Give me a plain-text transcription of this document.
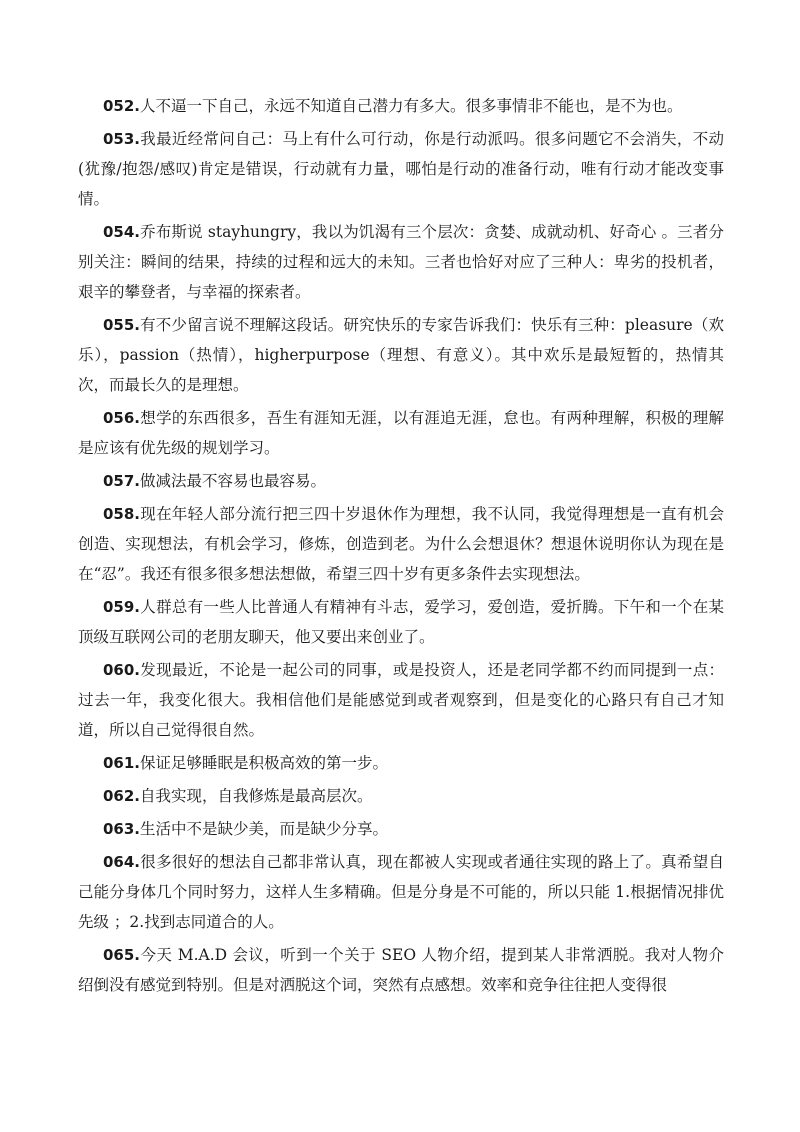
052.人不逼一下自己，永远不知道自己潜力有多大。很多事情非不能也，是不为也。

053.我最近经常问自己：马上有什么可行动，你是行动派吗。很多问题它不会消失，不动(犹豫/抱怨/感叹)肯定是错误，行动就有力量，哪怕是行动的准备行动，唯有行动才能改变事情。

054.乔布斯说 stayhungry，我以为饥渴有三个层次：贪婪、成就动机、好奇心 。三者分别关注：瞬间的结果，持续的过程和远大的未知。三者也恰好对应了三种人：卑劣的投机者，艰辛的攀登者，与幸福的探索者。

055.有不少留言说不理解这段话。研究快乐的专家告诉我们：快乐有三种：pleasure（欢乐），passion（热情），higherpurpose（理想、有意义）。其中欢乐是最短暂的，热情其次，而最长久的是理想。

056.想学的东西很多，吾生有涯知无涯，以有涯追无涯，怠也。有两种理解，积极的理解是应该有优先级的规划学习。

057.做减法最不容易也最容易。

058.现在年轻人部分流行把三四十岁退休作为理想，我不认同，我觉得理想是一直有机会创造、实现想法，有机会学习，修炼，创造到老。为什么会想退休？想退休说明你认为现在是在“忍”。我还有很多很多想法想做，希望三四十岁有更多条件去实现想法。

059.人群总有一些人比普通人有精神有斗志，爱学习，爱创造，爱折腾。下午和一个在某顶级互联网公司的老朋友聊天，他又要出来创业了。

060.发现最近，不论是一起公司的同事，或是投资人，还是老同学都不约而同提到一点：过去一年，我变化很大。我相信他们是能感觉到或者观察到，但是变化的心路只有自己才知道，所以自己觉得很自然。

061.保证足够睡眠是积极高效的第一步。

062.自我实现，自我修炼是最高层次。

063.生活中不是缺少美，而是缺少分享。

064.很多很好的想法自己都非常认真，现在都被人实现或者通往实现的路上了。真希望自己能分身体几个同时努力，这样人生多精确。但是分身是不可能的，所以只能 1.根据情况排优先级 ；2.找到志同道合的人。

065.今天 M.A.D 会议，听到一个关于 SEO 人物介绍，提到某人非常洒脱。我对人物介绍倒没有感觉到特别。但是对洒脱这个词，突然有点感想。效率和竞争往往把人变得很
